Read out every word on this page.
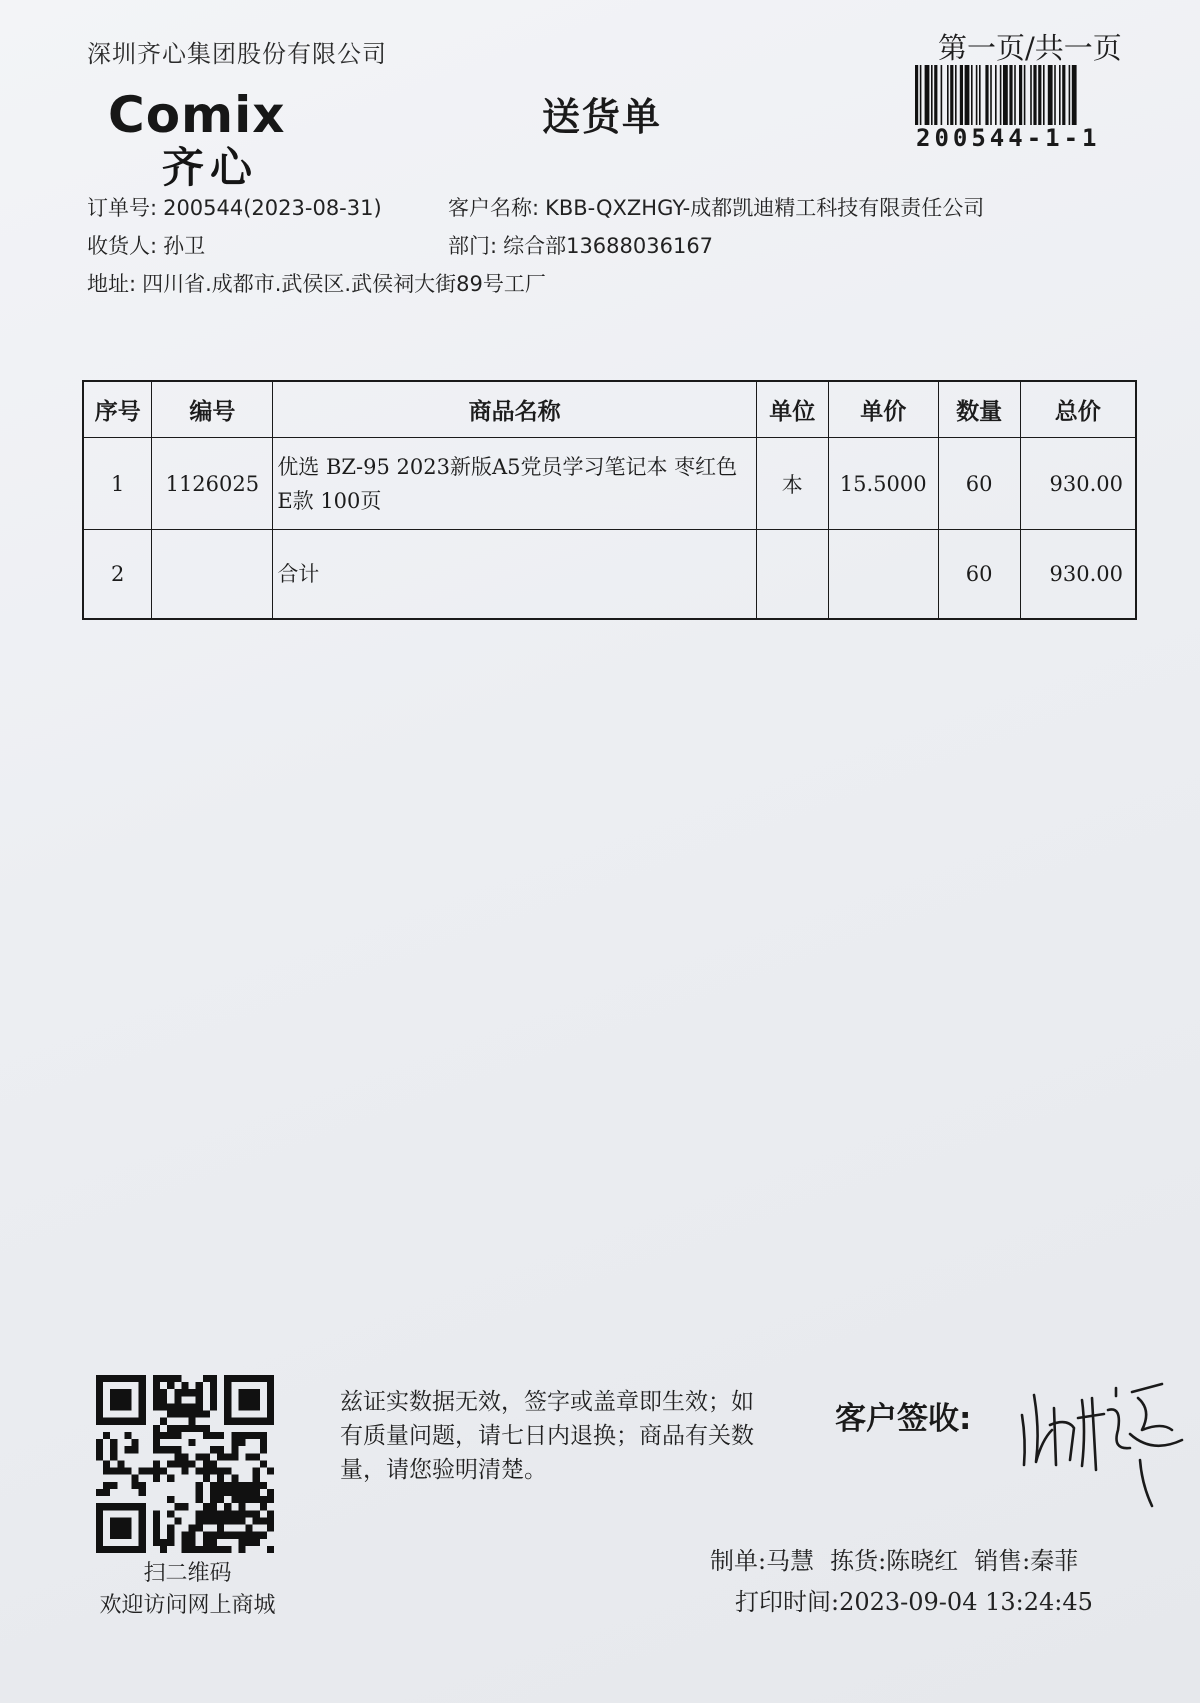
深圳齐心集团股份有限公司	第一页/共一页
Comix
齐心
送货单	200544-1-1
订单号: 200544(2023-08-31)	客户名称: KBB-QXZHGY-成都凯迪精工科技有限责任公司
收货人: 孙卫	部门: 综合部13688036167
地址: 四川省.成都市.武侯区.武侯祠大街89号工厂
序号	编号	商品名称	单位	单价	数量	总价
1	1126025	优选 BZ-95 2023新版A5党员学习笔记本 枣红色E款 100页	本	15.5000	60	930.00
2		合计			60	930.00
扫二维码
欢迎访问网上商城
兹证实数据无效，签字或盖章即生效；如有质量问题，请七日内退换；商品有关数量，请您验明清楚。
客户签收:
制单:马慧 拣货:陈晓红 销售:秦菲
打印时间:2023-09-04 13:24:45
